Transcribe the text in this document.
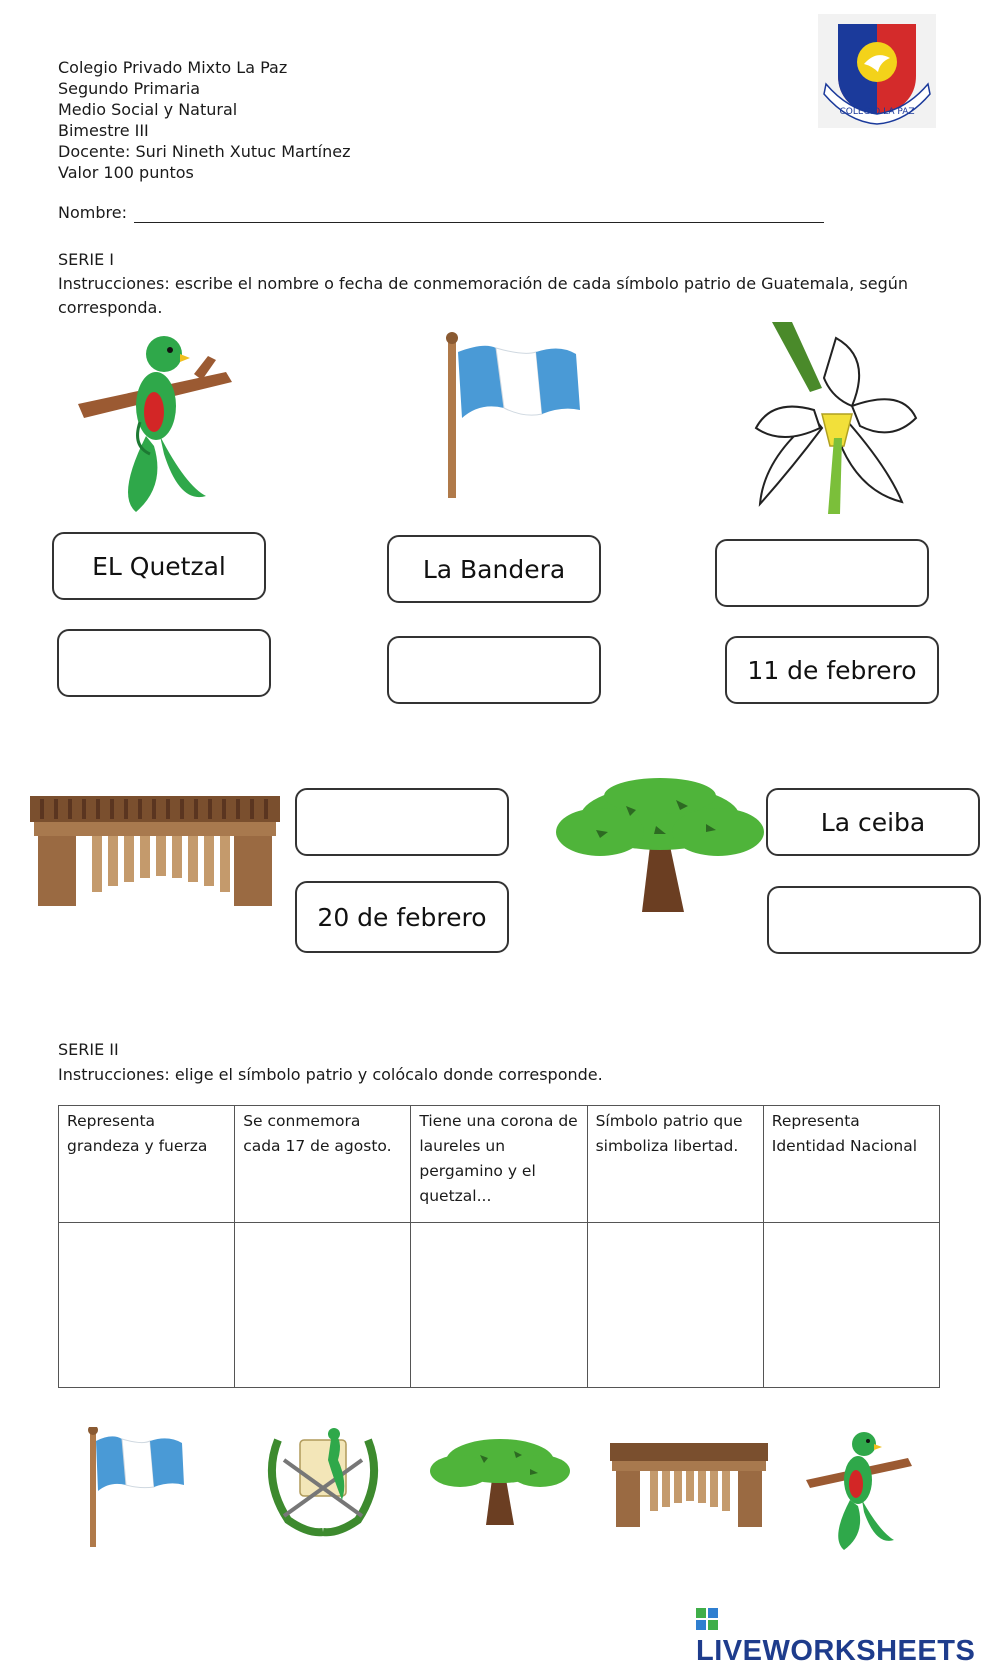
Colegio Privado Mixto La Paz
Segundo Primaria
Medio Social y Natural
Bimestre III
Docente: Suri Nineth Xutuc Martínez
Valor 100 puntos
Nombre:
COLEGIO LA PAZ
SERIE I
Instrucciones: escribe el nombre o fecha de conmemoración de cada símbolo patrio de Guatemala, según corresponda.
EL Quetzal	La Bandera
11 de febrero
20 de febrero
La ceiba
SERIE II
Instrucciones: elige el símbolo patrio y colócalo donde corresponde.
Representa grandeza y fuerza	Se conmemora cada 17 de agosto.	Tiene una corona de laureles un pergamino y el quetzal...	Símbolo patrio que simboliza libertad.	Representa Identidad Nacional

LIVEWORKSHEETS
